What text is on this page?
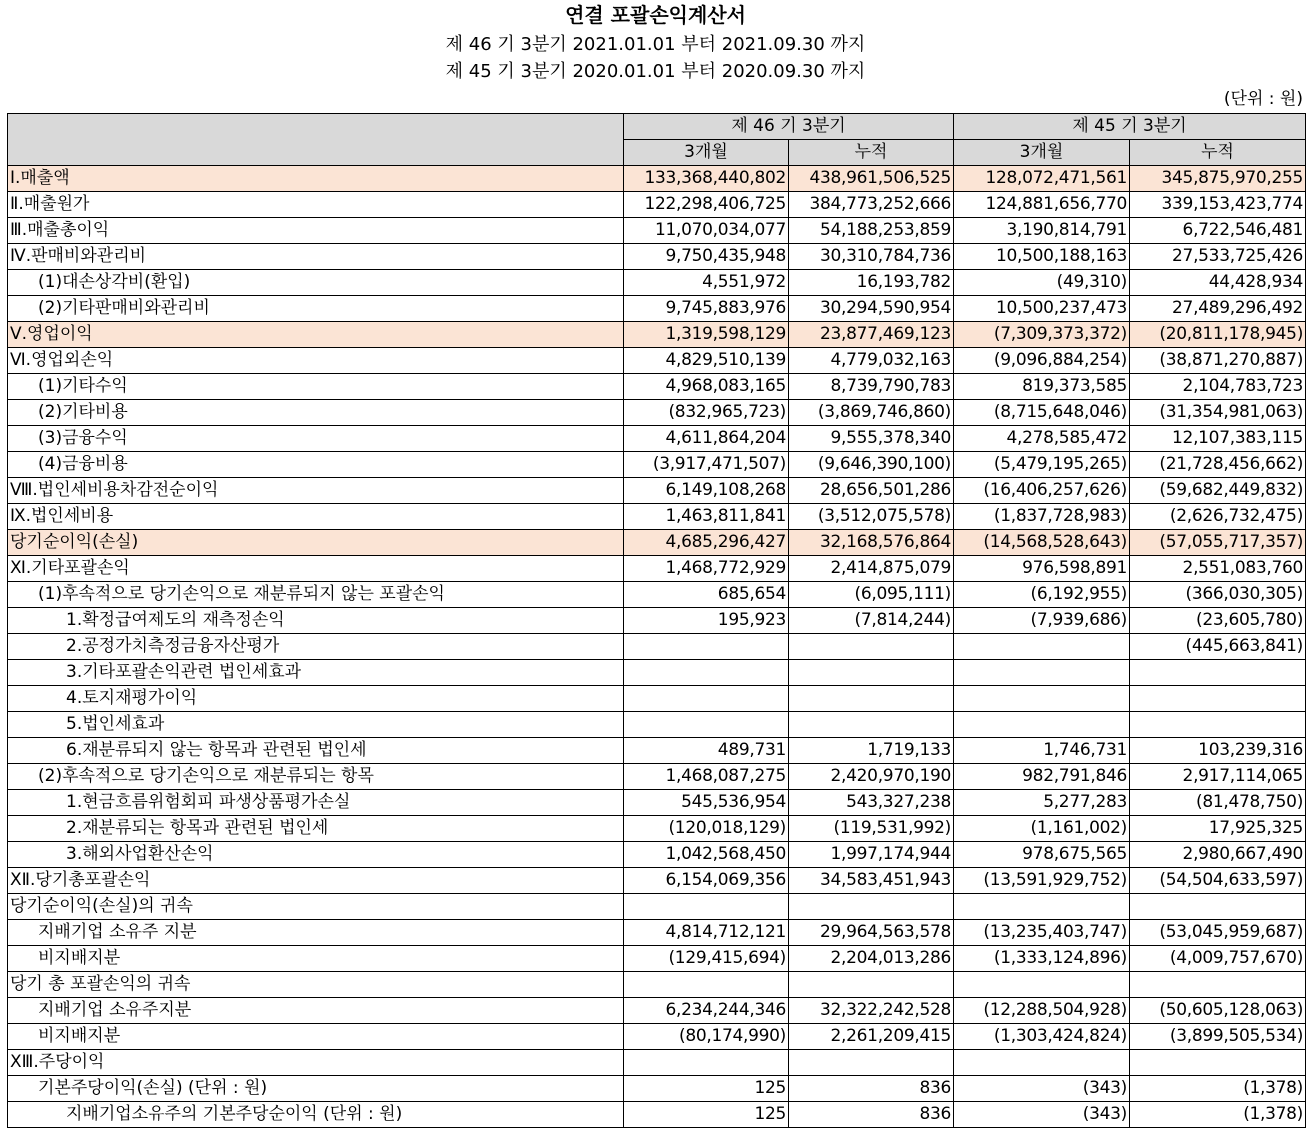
연결 포괄손익계산서
제 46 기 3분기 2021.01.01 부터 2021.09.30 까지
제 45 기 3분기 2020.01.01 부터 2020.09.30 까지
(단위 : 원)
	제 46 기 3분기		제 45 기 3분기	
	3개월	누적	3개월	누적
Ⅰ.매출액	133,368,440,802	438,961,506,525	128,072,471,561	345,875,970,255
Ⅱ.매출원가	122,298,406,725	384,773,252,666	124,881,656,770	339,153,423,774
Ⅲ.매출총이익	11,070,034,077	54,188,253,859	3,190,814,791	6,722,546,481
Ⅳ.판매비와관리비	9,750,435,948	30,310,784,736	10,500,188,163	27,533,725,426
(1)대손상각비(환입)	4,551,972	16,193,782	(49,310)	44,428,934
(2)기타판매비와관리비	9,745,883,976	30,294,590,954	10,500,237,473	27,489,296,492
Ⅴ.영업이익	1,319,598,129	23,877,469,123	(7,309,373,372)	(20,811,178,945)
Ⅵ.영업외손익	4,829,510,139	4,779,032,163	(9,096,884,254)	(38,871,270,887)
(1)기타수익	4,968,083,165	8,739,790,783	819,373,585	2,104,783,723
(2)기타비용	(832,965,723)	(3,869,746,860)	(8,715,648,046)	(31,354,981,063)
(3)금융수익	4,611,864,204	9,555,378,340	4,278,585,472	12,107,383,115
(4)금융비용	(3,917,471,507)	(9,646,390,100)	(5,479,195,265)	(21,728,456,662)
Ⅷ.법인세비용차감전순이익	6,149,108,268	28,656,501,286	(16,406,257,626)	(59,682,449,832)
Ⅸ.법인세비용	1,463,811,841	(3,512,075,578)	(1,837,728,983)	(2,626,732,475)
당기순이익(손실)	4,685,296,427	32,168,576,864	(14,568,528,643)	(57,055,717,357)
Ⅺ.기타포괄손익	1,468,772,929	2,414,875,079	976,598,891	2,551,083,760
(1)후속적으로 당기손익으로 재분류되지 않는 포괄손익	685,654	(6,095,111)	(6,192,955)	(366,030,305)
1.확정급여제도의 재측정손익	195,923	(7,814,244)	(7,939,686)	(23,605,780)
2.공정가치측정금융자산평가				(445,663,841)
3.기타포괄손익관련 법인세효과				
4.토지재평가이익				
5.법인세효과				
6.재분류되지 않는 항목과 관련된 법인세	489,731	1,719,133	1,746,731	103,239,316
(2)후속적으로 당기손익으로 재분류되는 항목	1,468,087,275	2,420,970,190	982,791,846	2,917,114,065
1.현금흐름위험회피 파생상품평가손실	545,536,954	543,327,238	5,277,283	(81,478,750)
2.재분류되는 항목과 관련된 법인세	(120,018,129)	(119,531,992)	(1,161,002)	17,925,325
3.해외사업환산손익	1,042,568,450	1,997,174,944	978,675,565	2,980,667,490
ⅩⅡ.당기총포괄손익	6,154,069,356	34,583,451,943	(13,591,929,752)	(54,504,633,597)
당기순이익(손실)의 귀속				
지배기업 소유주 지분	4,814,712,121	29,964,563,578	(13,235,403,747)	(53,045,959,687)
비지배지분	(129,415,694)	2,204,013,286	(1,333,124,896)	(4,009,757,670)
당기 총 포괄손익의 귀속				
지배기업 소유주지분	6,234,244,346	32,322,242,528	(12,288,504,928)	(50,605,128,063)
비지배지분	(80,174,990)	2,261,209,415	(1,303,424,824)	(3,899,505,534)
ⅩⅢ.주당이익				
기본주당이익(손실) (단위 : 원)	125	836	(343)	(1,378)
지배기업소유주의 기본주당순이익 (단위 : 원)	125	836	(343)	(1,378)
